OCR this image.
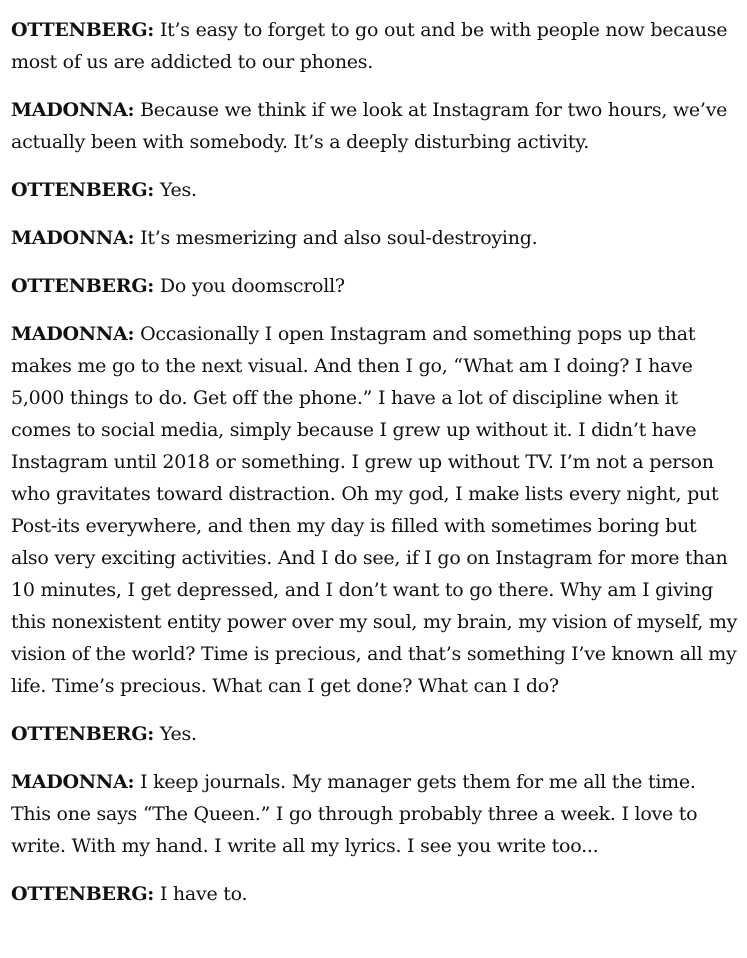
OTTENBERG: It’s easy to forget to go out and be with people now because most of us are addicted to our phones.

MADONNA: Because we think if we look at Instagram for two hours, we’ve actually been with somebody. It’s a deeply disturbing activity.

OTTENBERG: Yes.

MADONNA: It’s mesmerizing and also soul-destroying.

OTTENBERG: Do you doomscroll?

MADONNA: Occasionally I open Instagram and something pops up that makes me go to the next visual. And then I go, “What am I doing? I have 5,000 things to do. Get off the phone.” I have a lot of discipline when it comes to social media, simply because I grew up without it. I didn’t have Instagram until 2018 or something. I grew up without TV. I’m not a person who gravitates toward distraction. Oh my god, I make lists every night, put Post-its everywhere, and then my day is filled with sometimes boring but also very exciting activities. And I do see, if I go on Instagram for more than 10 minutes, I get depressed, and I don’t want to go there. Why am I giving this nonexistent entity power over my soul, my brain, my vision of myself, my vision of the world? Time is precious, and that’s something I’ve known all my life. Time’s precious. What can I get done? What can I do?

OTTENBERG: Yes.

MADONNA: I keep journals. My manager gets them for me all the time. This one says “The Queen.” I go through probably three a week. I love to write. With my hand. I write all my lyrics. I see you write too...

OTTENBERG: I have to.
